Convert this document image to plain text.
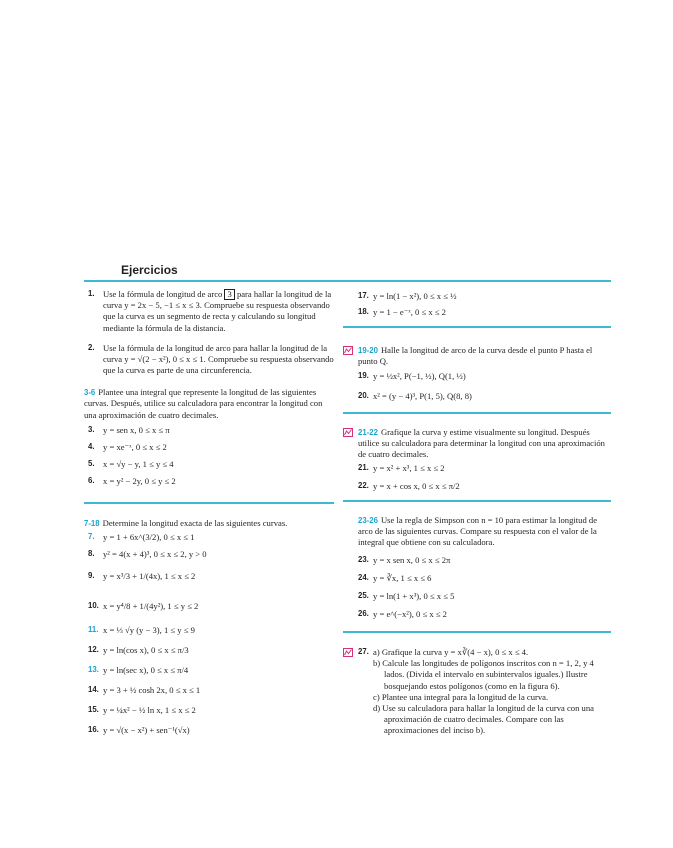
Ejercicios
1. Use la fórmula de longitud de arco 3 para hallar la longitud de la curva y = 2x − 5, −1 ≤ x ≤ 3. Compruebe su respuesta observando que la curva es un segmento de recta y calculando su longitud mediante la fórmula de la distancia.
2. Use la fórmula de la longitud de arco para hallar la longitud de la curva y = √(2 − x²), 0 ≤ x ≤ 1. Compruebe su respuesta observando que la curva es parte de una circunferencia.
3-6 Plantee una integral que represente la longitud de las siguientes curvas. Después, utilice su calculadora para encontrar la longitud con una aproximación de cuatro decimales.
3. y = sen x, 0 ≤ x ≤ π
4. y = xe⁻ˣ, 0 ≤ x ≤ 2
5. x = √y − y, 1 ≤ y ≤ 4
6. x = y² − 2y, 0 ≤ y ≤ 2
7-18 Determine la longitud exacta de las siguientes curvas.
7. y = 1 + 6x^(3/2), 0 ≤ x ≤ 1
8. y² = 4(x + 4)³, 0 ≤ x ≤ 2, y > 0
9. y = x³/3 + 1/(4x), 1 ≤ x ≤ 2
10. x = y⁴/8 + 1/(4y²), 1 ≤ y ≤ 2
11. x = ⅓ √y (y − 3), 1 ≤ y ≤ 9
12. y = ln(cos x), 0 ≤ x ≤ π/3
13. y = ln(sec x), 0 ≤ x ≤ π/4
14. y = 3 + ½ cosh 2x, 0 ≤ x ≤ 1
15. y = ¼x² − ½ ln x, 1 ≤ x ≤ 2
16. y = √(x − x²) + sen⁻¹(√x)
17. y = ln(1 − x²), 0 ≤ x ≤ ½
18. y = 1 − e⁻ˣ, 0 ≤ x ≤ 2
19-20 Halle la longitud de arco de la curva desde el punto P hasta el punto Q.
19. y = ½x², P(−1, ½), Q(1, ½)
20. x² = (y − 4)³, P(1, 5), Q(8, 8)
21-22 Grafique la curva y estime visualmente su longitud. Después utilice su calculadora para determinar la longitud con una aproximación de cuatro decimales.
21. y = x² + x³, 1 ≤ x ≤ 2
22. y = x + cos x, 0 ≤ x ≤ π/2
23-26 Use la regla de Simpson con n = 10 para estimar la longitud de arco de las siguientes curvas. Compare su respuesta con el valor de la integral que obtiene con su calculadora.
23. y = x sen x, 0 ≤ x ≤ 2π
24. y = ∛x, 1 ≤ x ≤ 6
25. y = ln(1 + x³), 0 ≤ x ≤ 5
26. y = e^(−x²), 0 ≤ x ≤ 2
27. a) Grafique la curva y = x∛(4 − x), 0 ≤ x ≤ 4.
b) Calcule las longitudes de polígonos inscritos con n = 1, 2, y 4 lados. (Divida el intervalo en subintervalos iguales.) Ilustre bosquejando estos polígonos (como en la figura 6).
c) Plantee una integral para la longitud de la curva.
d) Use su calculadora para hallar la longitud de la curva con una aproximación de cuatro decimales. Compare con las aproximaciones del inciso b).
